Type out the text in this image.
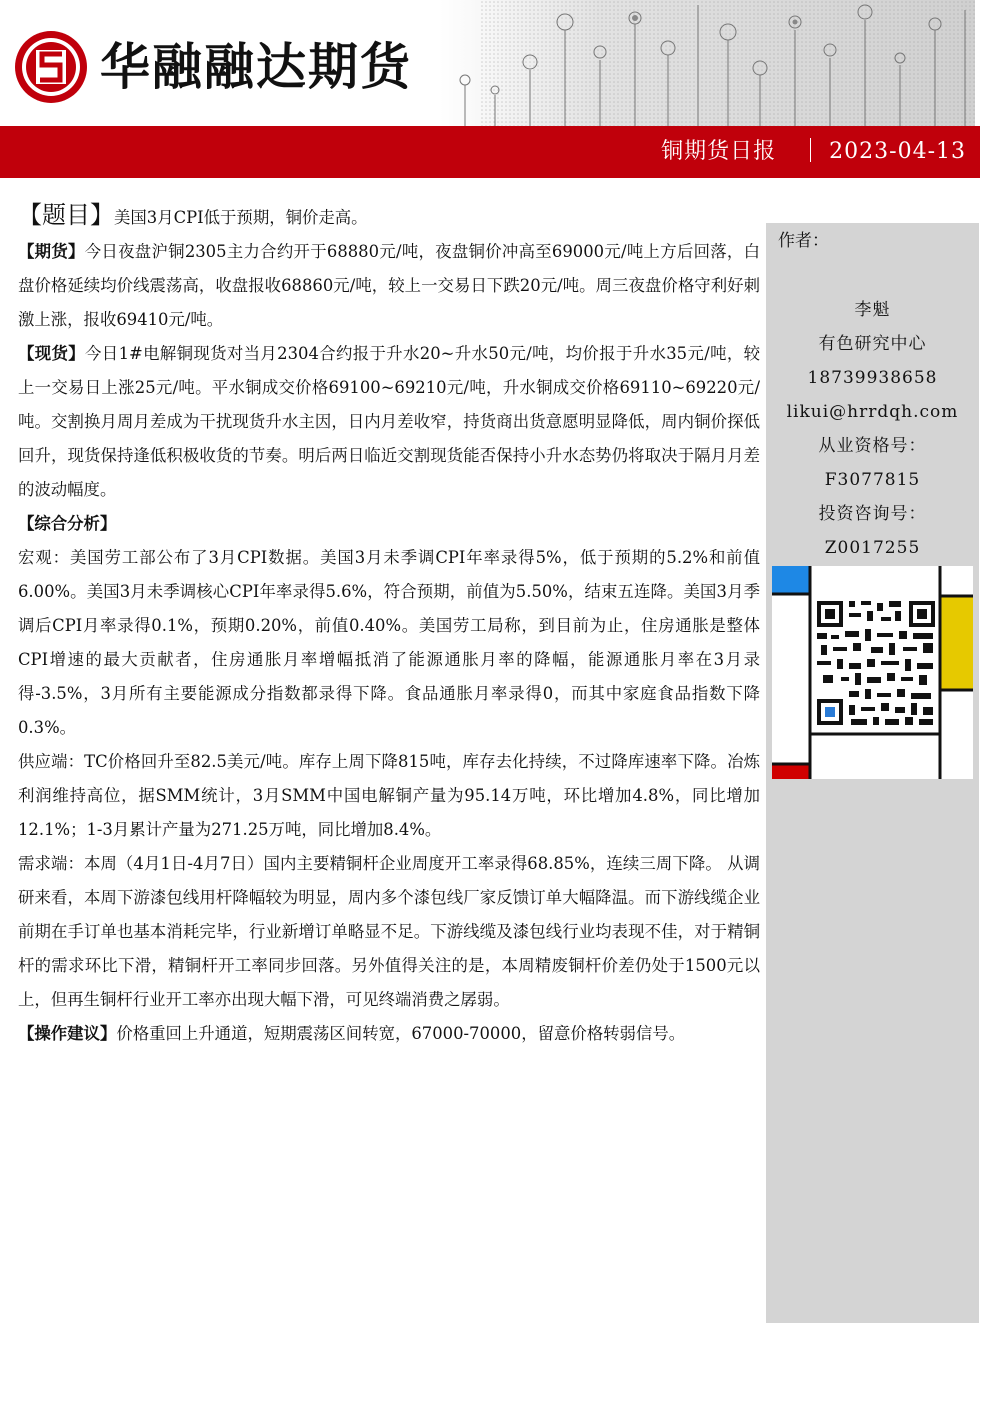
华融融达期货
铜期货日报 2023-04-13

【题目】美国3月CPI低于预期，铜价走高。

【期货】今日夜盘沪铜2305主力合约开于68880元/吨，夜盘铜价冲高至69000元/吨上方后回落，白盘价格延续均价线震荡高，收盘报收68860元/吨，较上一交易日下跌20元/吨。周三夜盘价格守利好刺激上涨，报收69410元/吨。

【现货】今日1#电解铜现货对当月2304合约报于升水20~升水50元/吨，均价报于升水35元/吨，较上一交易日上涨25元/吨。平水铜成交价格69100~69210元/吨，升水铜成交价格69110~69220元/吨。交割换月周月差成为干扰现货升水主因，日内月差收窄，持货商出货意愿明显降低，周内铜价探低回升，现货保持逢低积极收货的节奏。明后两日临近交割现货能否保持小升水态势仍将取决于隔月月差的波动幅度。

【综合分析】

宏观：美国劳工部公布了3月CPI数据。美国3月未季调CPI年率录得5%，低于预期的5.2%和前值6.00%。美国3月未季调核心CPI年率录得5.6%，符合预期，前值为5.50%，结束五连降。美国3月季调后CPI月率录得0.1%，预期0.20%，前值0.40%。美国劳工局称，到目前为止，住房通胀是整体CPI增速的最大贡献者，住房通胀月率增幅抵消了能源通胀月率的降幅，能源通胀月率在3月录得-3.5%，3月所有主要能源成分指数都录得下降。食品通胀月率录得0，而其中家庭食品指数下降0.3%。

供应端：TC价格回升至82.5美元/吨。库存上周下降815吨，库存去化持续，不过降库速率下降。冶炼利润维持高位，据SMM统计，3月SMM中国电解铜产量为95.14万吨，环比增加4.8%，同比增加12.1%；1-3月累计产量为271.25万吨，同比增加8.4%。

需求端：本周（4月1日-4月7日）国内主要精铜杆企业周度开工率录得68.85%，连续三周下降。 从调研来看，本周下游漆包线用杆降幅较为明显，周内多个漆包线厂家反馈订单大幅降温。而下游线缆企业前期在手订单也基本消耗完毕，行业新增订单略显不足。下游线缆及漆包线行业均表现不佳，对于精铜杆的需求环比下滑，精铜杆开工率同步回落。另外值得关注的是，本周精废铜杆价差仍处于1500元以上，但再生铜杆行业开工率亦出现大幅下滑，可见终端消费之孱弱。

【操作建议】价格重回上升通道，短期震荡区间转宽，67000-70000，留意价格转弱信号。

作者：
李魁
有色研究中心
18739938658
likui@hrrdqh.com
从业资格号：
F3077815
投资咨询号：
Z0017255
